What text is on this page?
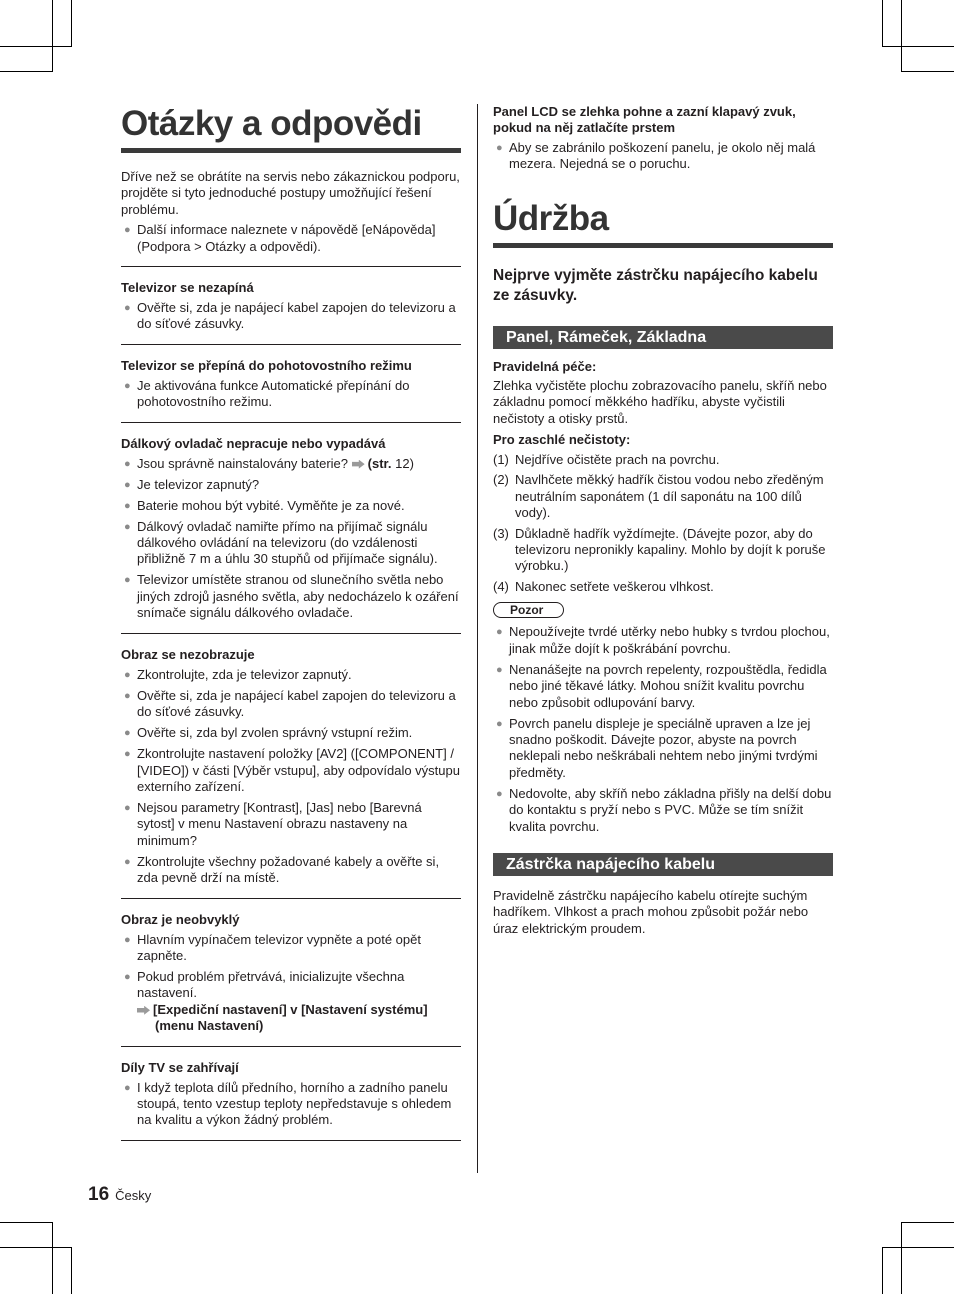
Otázky a odpovědi

Dříve než se obrátíte na servis nebo zákaznickou podporu, projděte si tyto jednoduché postupy umožňující řešení problému.

● Další informace naleznete v nápovědě [eNápověda] (Podpora > Otázky a odpovědi).
Televizor se nezapíná
● Ověřte si, zda je napájecí kabel zapojen do televizoru a do síťové zásuvky.
Televizor se přepíná do pohotovostního režimu
● Je aktivována funkce Automatické přepínání do pohotovostního režimu.
Dálkový ovladač nepracuje nebo vypadává
● Jsou správně nainstalovány baterie? (str. 12)
● Je televizor zapnutý?
● Baterie mohou být vybité. Vyměňte je za nové.
● Dálkový ovladač namiřte přímo na přijímač signálu dálkového ovládání na televizoru (do vzdálenosti přibližně 7 m a úhlu 30 stupňů od přijímače signálu).
● Televizor umístěte stranou od slunečního světla nebo jiných zdrojů jasného světla, aby nedocházelo k ozáření snímače signálu dálkového ovladače.
Obraz se nezobrazuje
● Zkontrolujte, zda je televizor zapnutý.
● Ověřte si, zda je napájecí kabel zapojen do televizoru a do síťové zásuvky.
● Ověřte si, zda byl zvolen správný vstupní režim.
● Zkontrolujte nastavení položky [AV2] ([COMPONENT] / [VIDEO]) v části [Výběr vstupu], aby odpovídalo výstupu externího zařízení.
● Nejsou parametry [Kontrast], [Jas] nebo [Barevná sytost] v menu Nastavení obrazu nastaveny na minimum?
● Zkontrolujte všechny požadované kabely a ověřte si, zda pevně drží na místě.
Obraz je neobvyklý
● Hlavním vypínačem televizor vypněte a poté opět zapněte.
● Pokud problém přetrvává, inicializujte všechna nastavení.
[Expediční nastavení] v [Nastavení systému] (menu Nastavení)
Díly TV se zahřívají
● I když teplota dílů předního, horního a zadního panelu stoupá, tento vzestup teploty nepředstavuje s ohledem na kvalitu a výkon žádný problém.
Panel LCD se zlehka pohne a zazní klapavý zvuk, pokud na něj zatlačíte prstem
● Aby se zabránilo poškození panelu, je okolo něj malá mezera. Nejedná se o poruchu.
Údržba

Nejprve vyjměte zástrčku napájecího kabelu ze zásuvky.

Panel, Rámeček, Základna
Pravidelná péče:

Zlehka vyčistěte plochu zobrazovacího panelu, skříň nebo základnu pomocí měkkého hadříku, abyste vyčistili nečistoty a otisky prstů.

Pro zaschlé nečistoty:
(1) Nejdříve očistěte prach na povrchu.
(2) Navlhčete měkký hadřík čistou vodou nebo zředěným neutrálním saponátem (1 díl saponátu na 100 dílů vody).
(3) Důkladně hadřík vyždímejte. (Dávejte pozor, aby do televizoru nepronikly kapaliny. Mohlo by dojít k poruše výrobku.)
(4) Nakonec setřete veškerou vlhkost.
Pozor
● Nepoužívejte tvrdé utěrky nebo hubky s tvrdou plochou, jinak může dojít k poškrábání povrchu.
● Nenanášejte na povrch repelenty, rozpouštědla, ředidla nebo jiné těkavé látky. Mohou snížit kvalitu povrchu nebo způsobit odlupování barvy.
● Povrch panelu displeje je speciálně upraven a lze jej snadno poškodit. Dávejte pozor, abyste na povrch neklepali nebo neškrábali nehtem nebo jinými tvrdými předměty.
● Nedovolte, aby skříň nebo základna přišly na delší dobu do kontaktu s pryží nebo s PVC. Může se tím snížit kvalita povrchu.
Zástrčka napájecího kabelu

Pravidelně zástrčku napájecího kabelu otírejte suchým hadříkem. Vlhkost a prach mohou způsobit požár nebo úraz elektrickým proudem.

16 Česky
